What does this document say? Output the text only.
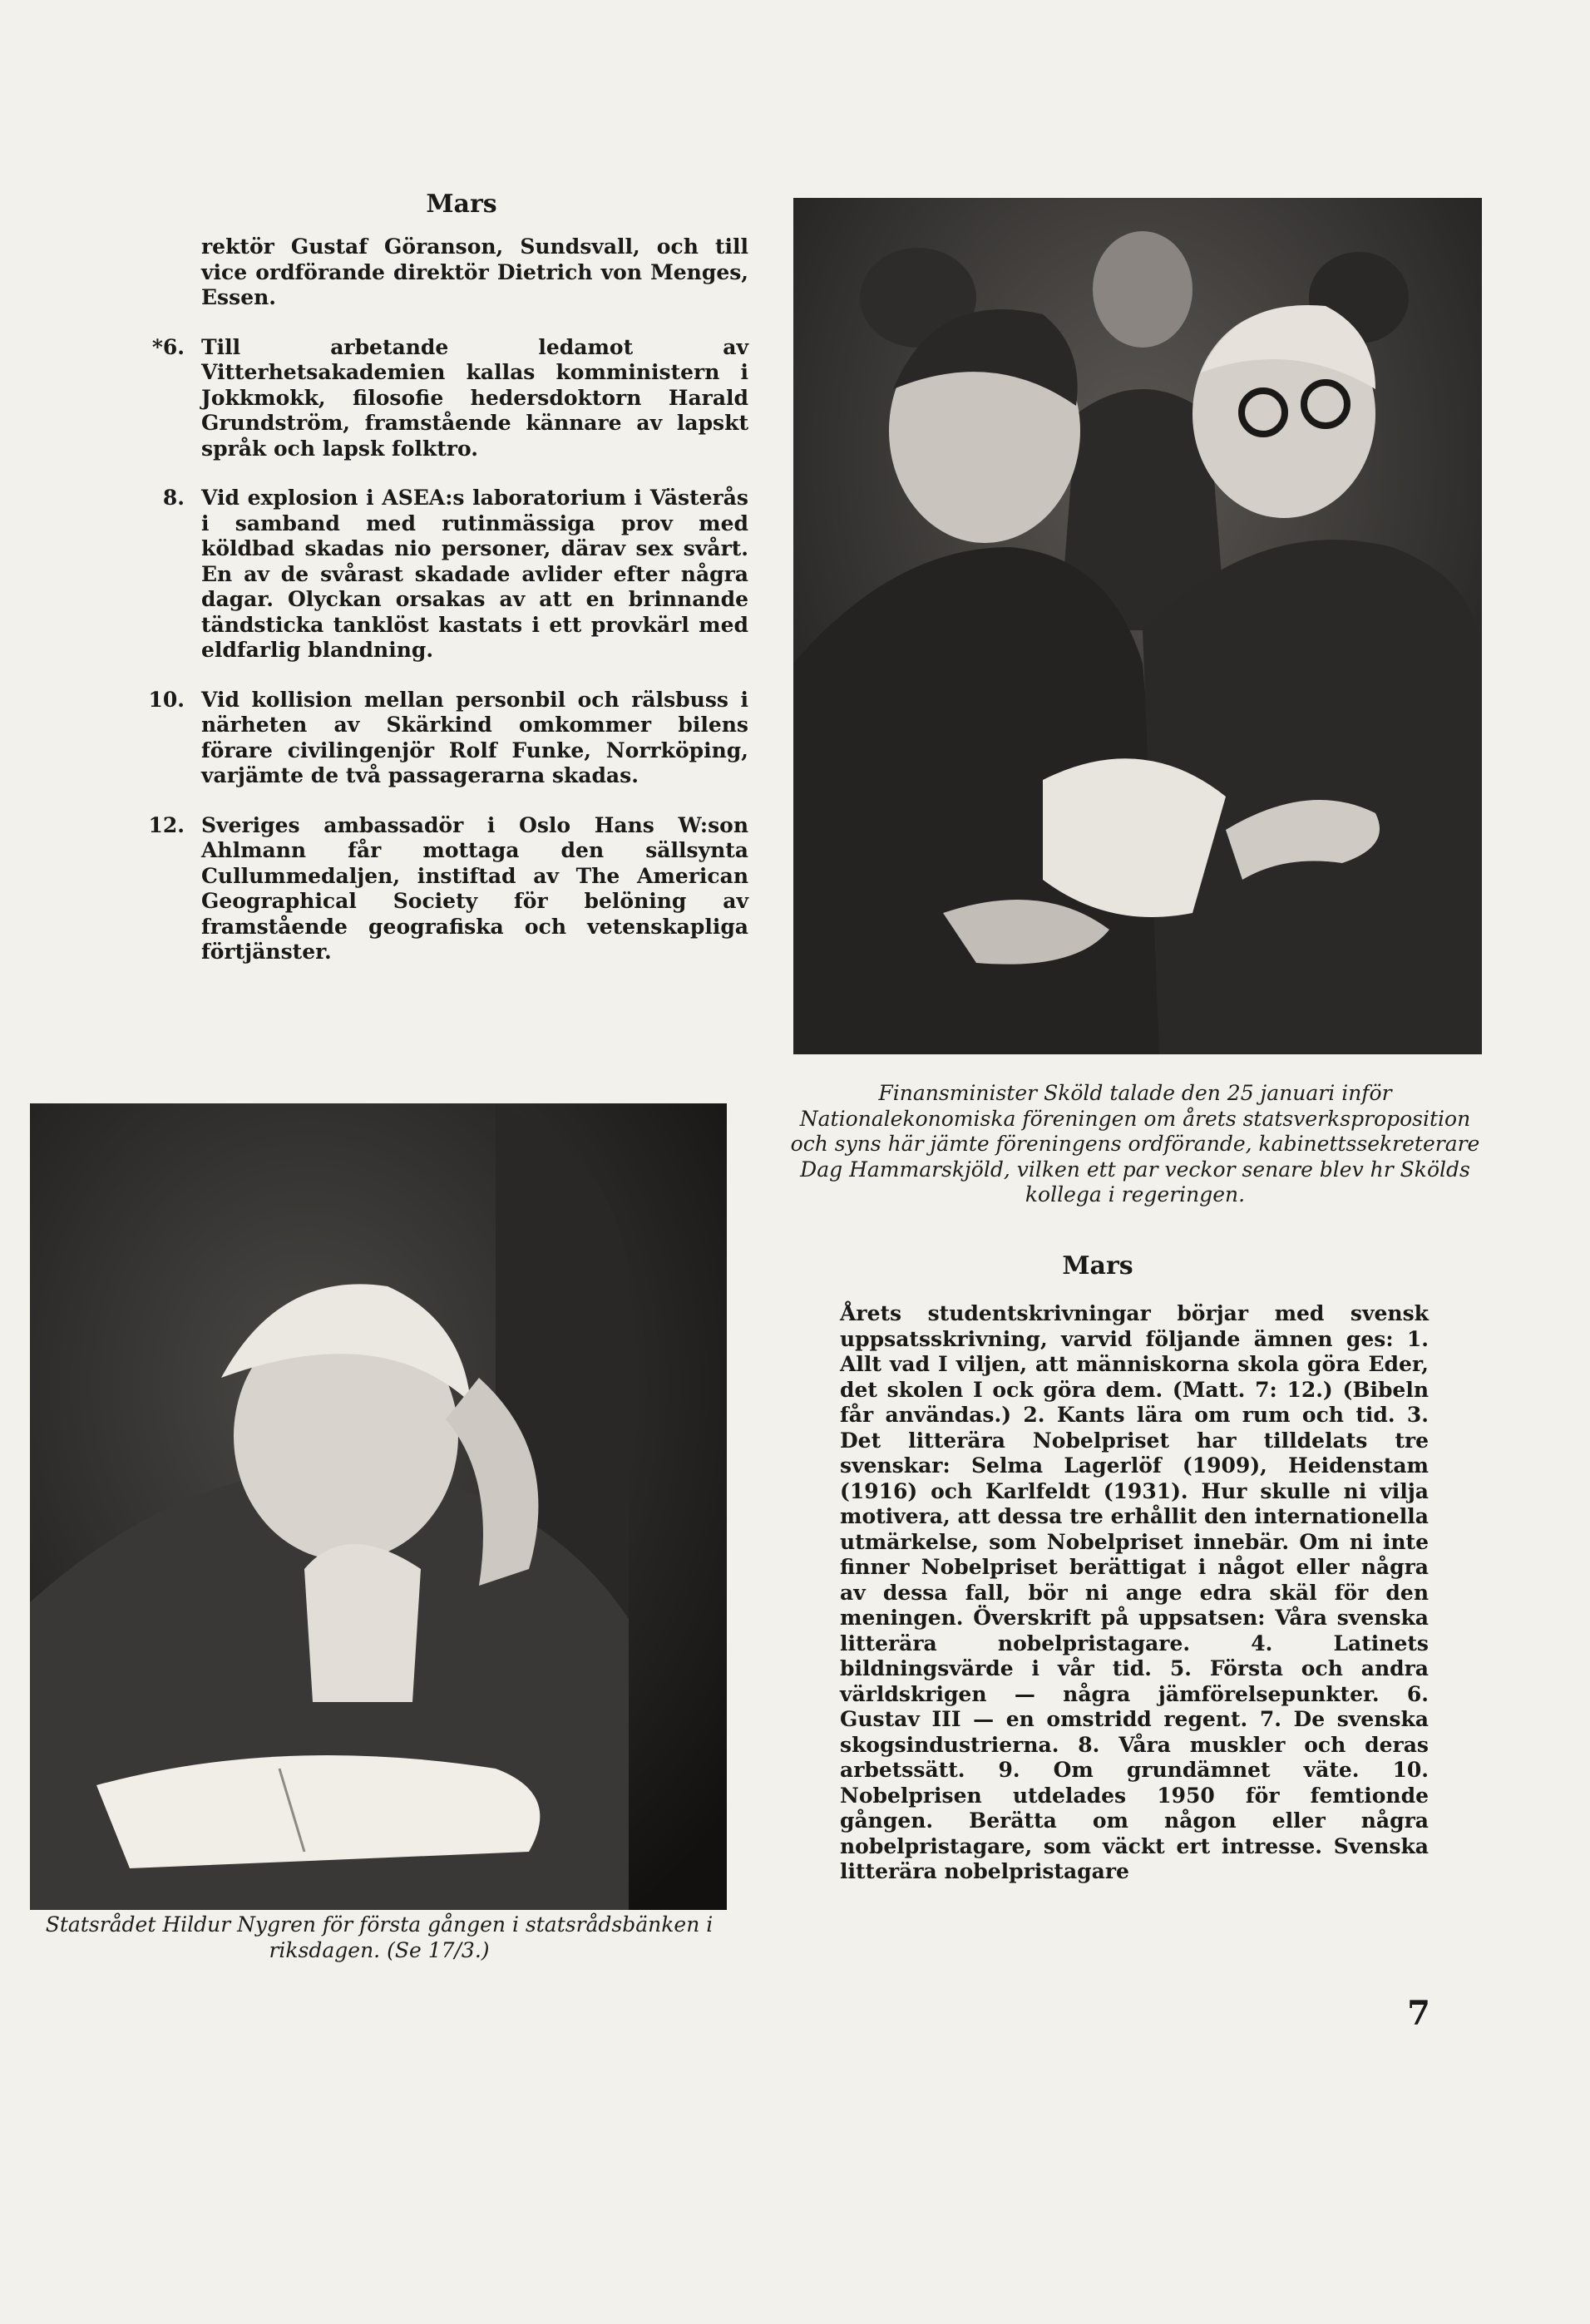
Mars
rektör Gustaf Göranson, Sundsvall, och till vice ordförande direktör Dietrich von Menges, Essen.
*6. Till arbetande ledamot av Vitterhetsakademien kallas komministern i Jokkmokk, filosofie hedersdoktorn Harald Grundström, framstående kännare av lapskt språk och lapsk folktro.
8. Vid explosion i ASEA:s laboratorium i Västerås i samband med rutinmässiga prov med köldbad skadas nio personer, därav sex svårt. En av de svårast skadade avlider efter några dagar. Olyckan orsakas av att en brinnande tändsticka tanklöst kastats i ett provkärl med eldfarlig blandning.
10. Vid kollision mellan personbil och rälsbuss i närheten av Skärkind omkommer bilens förare civilingenjör Rolf Funke, Norrköping, varjämte de två passagerarna skadas.
12. Sveriges ambassadör i Oslo Hans W:son Ahlmann får mottaga den sällsynta Cullummedaljen, instiftad av The American Geographical Society för belöning av framstående geografiska och vetenskapliga förtjänster.
Finansminister Sköld talade den 25 januari inför Nationalekonomiska föreningen om årets statsverksproposition och syns här jämte föreningens ordförande, kabinettssekreterare Dag Hammarskjöld, vilken ett par veckor senare blev hr Skölds kollega i regeringen.
Statsrådet Hildur Nygren för första gången i statsrådsbänken i riksdagen. (Se 17/3.)
Mars
Årets studentskrivningar börjar med svensk uppsatsskrivning, varvid följande ämnen ges: 1. Allt vad I viljen, att människorna skola göra Eder, det skolen I ock göra dem. (Matt. 7: 12.) (Bibeln får användas.) 2. Kants lära om rum och tid. 3. Det litterära Nobelpriset har tilldelats tre svenskar: Selma Lagerlöf (1909), Heidenstam (1916) och Karlfeldt (1931). Hur skulle ni vilja motivera, att dessa tre erhållit den internationella utmärkelse, som Nobelpriset innebär. Om ni inte finner Nobelpriset berättigat i något eller några av dessa fall, bör ni ange edra skäl för den meningen. Överskrift på uppsatsen: Våra svenska litterära nobelpristagare. 4. Latinets bildningsvärde i vår tid. 5. Första och andra världskrigen — några jämförelsepunkter. 6. Gustav III — en omstridd regent. 7. De svenska skogsindustrierna. 8. Våra muskler och deras arbetssätt. 9. Om grundämnet väte. 10. Nobelprisen utdelades 1950 för femtionde gången. Berätta om någon eller några nobelpristagare, som väckt ert intresse. Svenska litterära nobelpristagare
7
